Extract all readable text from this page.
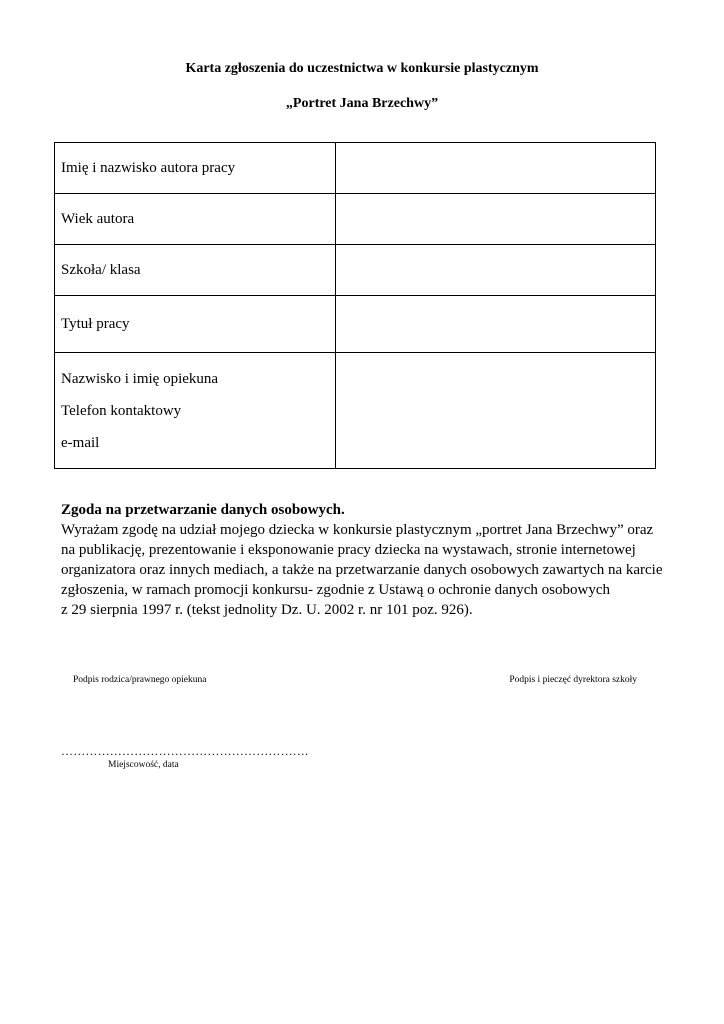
Karta zgłoszenia do uczestnictwa w konkursie plastycznym
„Portret Jana Brzechwy”
Imię i nazwisko autora pracy	
Wiek autora	
Szkoła/ klasa	
Tytuł pracy	

Nazwisko i imię opiekuna
Telefon kontaktowy
e-mail	

Zgoda na przetwarzanie danych osobowych.
Wyrażam zgodę na udział mojego dziecka w konkursie plastycznym „portret Jana Brzechwy” oraz
na publikację, prezentowanie i eksponowanie pracy dziecka na wystawach, stronie internetowej
organizatora oraz innych mediach, a także na przetwarzanie danych osobowych zawartych na karcie
zgłoszenia, w ramach promocji konkursu- zgodnie z Ustawą o ochronie danych osobowych
z 29 sierpnia 1997 r. (tekst jednolity Dz. U. 2002 r. nr 101 poz. 926).
Podpis rodzica/prawnego opiekuna	Podpis i pieczęć dyrektora szkoły
…………………………………………………….
Miejscowość, data
